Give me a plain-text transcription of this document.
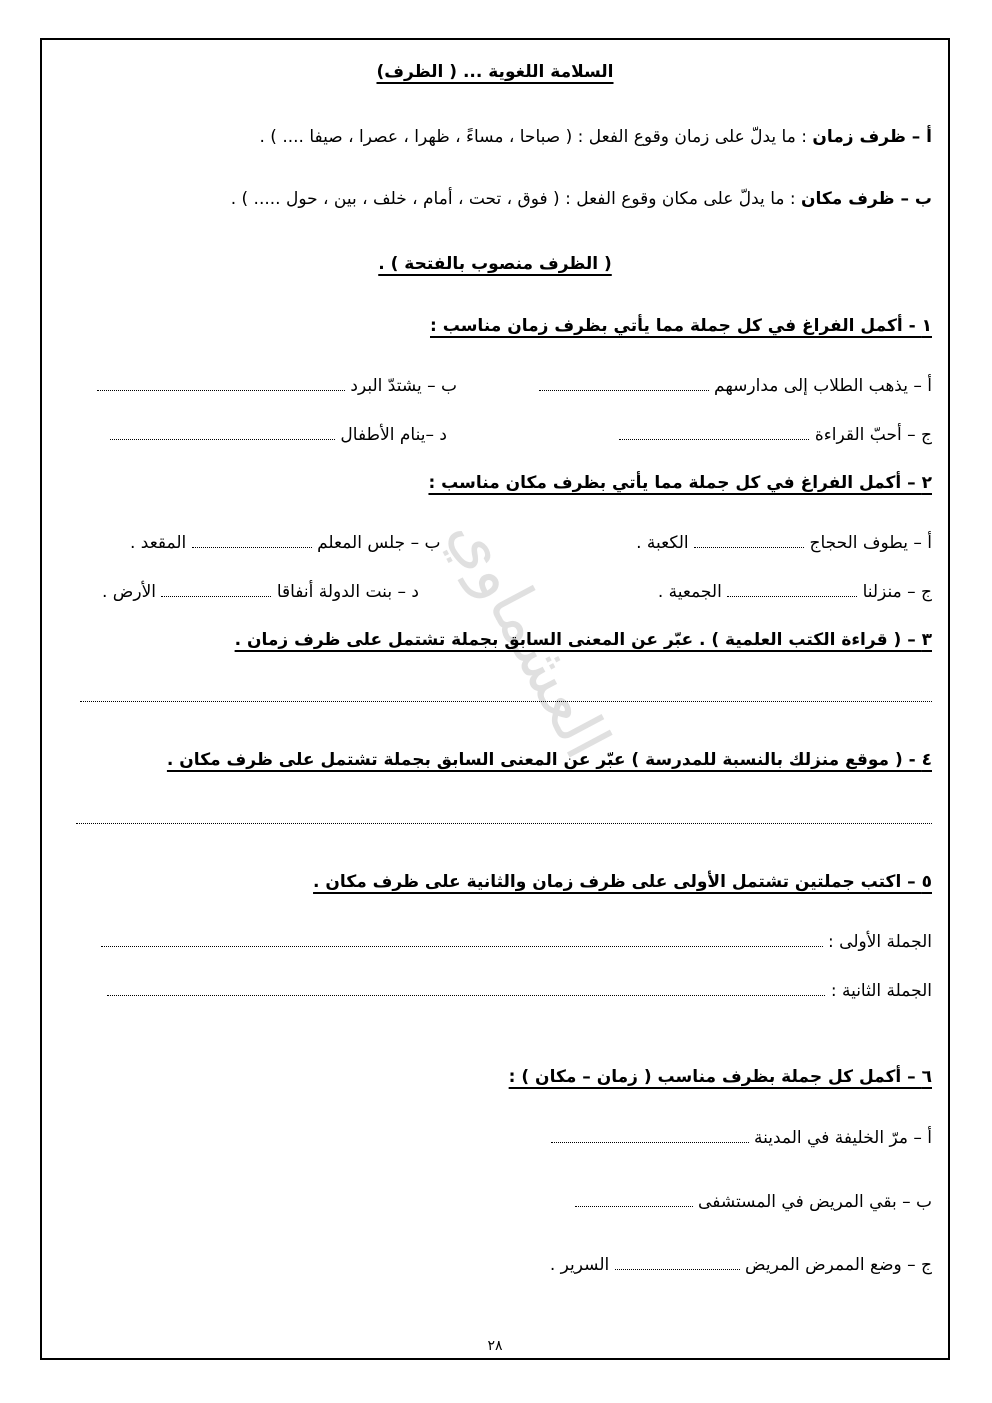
العشماوي
السلامة اللغوية ... ( الظرف)
أ – ظرف زمان : ما يدلّ على زمان وقوع الفعل : ( صباحا ، مساءً ، ظهرا ، عصرا ، صيفا .... ) .
ب – ظرف مكان : ما يدلّ على مكان وقوع الفعل : ( فوق ، تحت ، أمام ، خلف ، بين ، حول ..... ) .
( الظرف منصوب بالفتحة ) .
١ - أكمل الفراغ في كل جملة مما يأتي بظرف زمان مناسب :
أ – يذهب الطلاب إلى مدارسهم
ب – يشتدّ البرد
ج – أحبّ القراءة
د –ينام الأطفال
٢ – أكمل الفراغ في كل جملة مما يأتي بظرف مكان مناسب :
أ – يطوف الحجاج  الكعبة .
ب – جلس المعلم  المقعد .
ج – منزلنا  الجمعية .
د – بنت الدولة أنفاقا  الأرض .
٣ – ( قراءة الكتب العلمية ) . عبّر عن المعنى السابق بجملة تشتمل على ظرف زمان .
٤ - ( موقع منزلك بالنسبة للمدرسة ) عبّر عن المعنى السابق بجملة تشتمل على ظرف مكان .
٥ – اكتب جملتين تشتمل الأولى على ظرف زمان والثانية على ظرف مكان .
الجملة الأولى :
الجملة الثانية :
٦ – أكمل كل جملة بظرف مناسب ( زمان – مكان ) :
أ – مرّ الخليفة في المدينة
ب – بقي المريض في المستشفى
ج – وضع الممرض المريض  السرير .
٢٨
